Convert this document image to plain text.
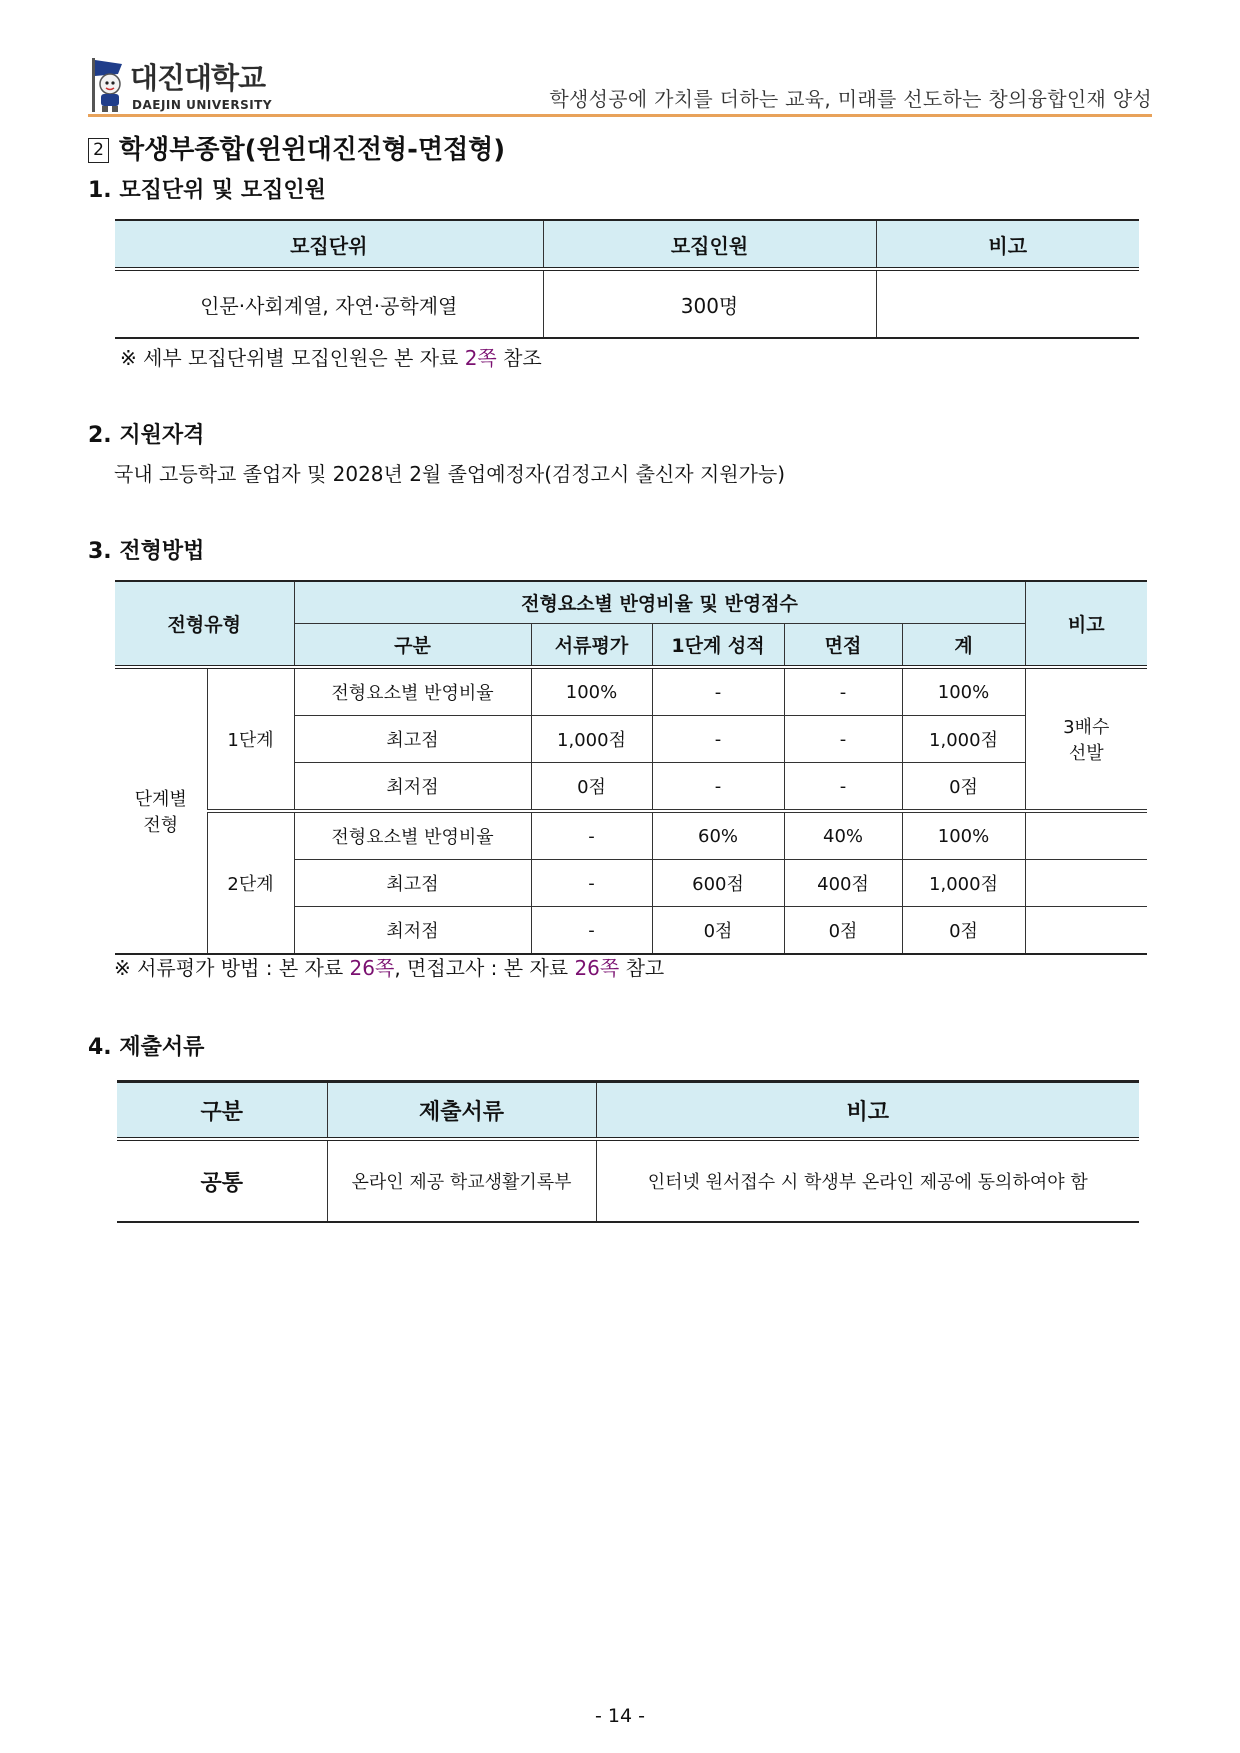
대진대학교
DAEJIN UNIVERSITY	학생성공에 가치를 더하는 교육, 미래를 선도하는 창의융합인재 양성
2 학생부종합(윈윈대진전형-면접형)
1. 모집단위 및 모집인원
모집단위	모집인원	비고
인문·사회계열, 자연·공학계열	300명	
※ 세부 모집단위별 모집인원은 본 자료 2쪽 참조
2. 지원자격
국내 고등학교 졸업자 및 2028년 2월 졸업예정자(검정고시 출신자 지원가능)
3. 전형방법
전형유형		전형요소별 반영비율 및 반영점수					비고
		구분	서류평가	1단계 성적	면접	계	
단계별
전형	1단계	전형요소별 반영비율	100%	-	-	100%	3배수
선발
		최고점	1,000점	-	-	1,000점	
		최저점	0점	-	-	0점	
	2단계	전형요소별 반영비율	-	60%	40%	100%	
		최고점	-	600점	400점	1,000점	
		최저점	-	0점	0점	0점	
※ 서류평가 방법 : 본 자료 26쪽, 면접고사 : 본 자료 26쪽 참고
4. 제출서류
구분	제출서류	비고
공통	온라인 제공 학교생활기록부	인터넷 원서접수 시 학생부 온라인 제공에 동의하여야 함
- 14 -
